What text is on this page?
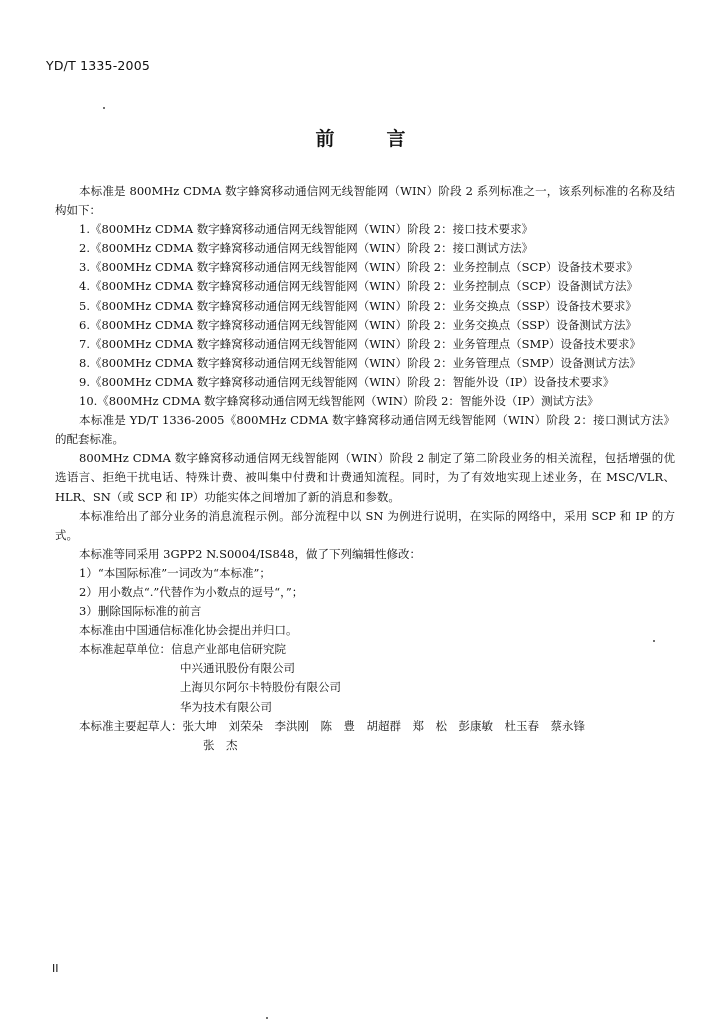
YD/T 1335-2005
前言

本标准是 800MHz CDMA 数字蜂窝移动通信网无线智能网（WIN）阶段 2 系列标准之一，该系列标准的名称及结构如下：

1.《800MHz CDMA 数字蜂窝移动通信网无线智能网（WIN）阶段 2：接口技术要求》

2.《800MHz CDMA 数字蜂窝移动通信网无线智能网（WIN）阶段 2：接口测试方法》

3.《800MHz CDMA 数字蜂窝移动通信网无线智能网（WIN）阶段 2：业务控制点（SCP）设备技术要求》

4.《800MHz CDMA 数字蜂窝移动通信网无线智能网（WIN）阶段 2：业务控制点（SCP）设备测试方法》

5.《800MHz CDMA 数字蜂窝移动通信网无线智能网（WIN）阶段 2：业务交换点（SSP）设备技术要求》

6.《800MHz CDMA 数字蜂窝移动通信网无线智能网（WIN）阶段 2：业务交换点（SSP）设备测试方法》

7.《800MHz CDMA 数字蜂窝移动通信网无线智能网（WIN）阶段 2：业务管理点（SMP）设备技术要求》

8.《800MHz CDMA 数字蜂窝移动通信网无线智能网（WIN）阶段 2：业务管理点（SMP）设备测试方法》

9.《800MHz CDMA 数字蜂窝移动通信网无线智能网（WIN）阶段 2：智能外设（IP）设备技术要求》

10.《800MHz CDMA 数字蜂窝移动通信网无线智能网（WIN）阶段 2：智能外设（IP）测试方法》

本标准是 YD/T 1336-2005《800MHz CDMA 数字蜂窝移动通信网无线智能网（WIN）阶段 2：接口测试方法》的配套标准。

800MHz CDMA 数字蜂窝移动通信网无线智能网（WIN）阶段 2 制定了第二阶段业务的相关流程，包括增强的优选语言、拒绝干扰电话、特殊计费、被叫集中付费和计费通知流程。同时，为了有效地实现上述业务，在 MSC/VLR、HLR、SN（或 SCP 和 IP）功能实体之间增加了新的消息和参数。

本标准给出了部分业务的消息流程示例。部分流程中以 SN 为例进行说明，在实际的网络中，采用 SCP 和 IP 的方式。

本标准等同采用 3GPP2 N.S0004/IS848，做了下列编辑性修改：

1）“本国际标准”一词改为“本标准”；

2）用小数点“.”代替作为小数点的逗号“，”；

3）删除国际标准的前言

本标准由中国通信标准化协会提出并归口。

本标准起草单位：信息产业部电信研究院

中兴通讯股份有限公司

上海贝尔阿尔卡特股份有限公司

华为技术有限公司

本标准主要起草人：张大坤　刘荣朵　李洪刚　陈　豊　胡超群　郑　松　彭康敏　杜玉春　蔡永锋

张　杰

II
